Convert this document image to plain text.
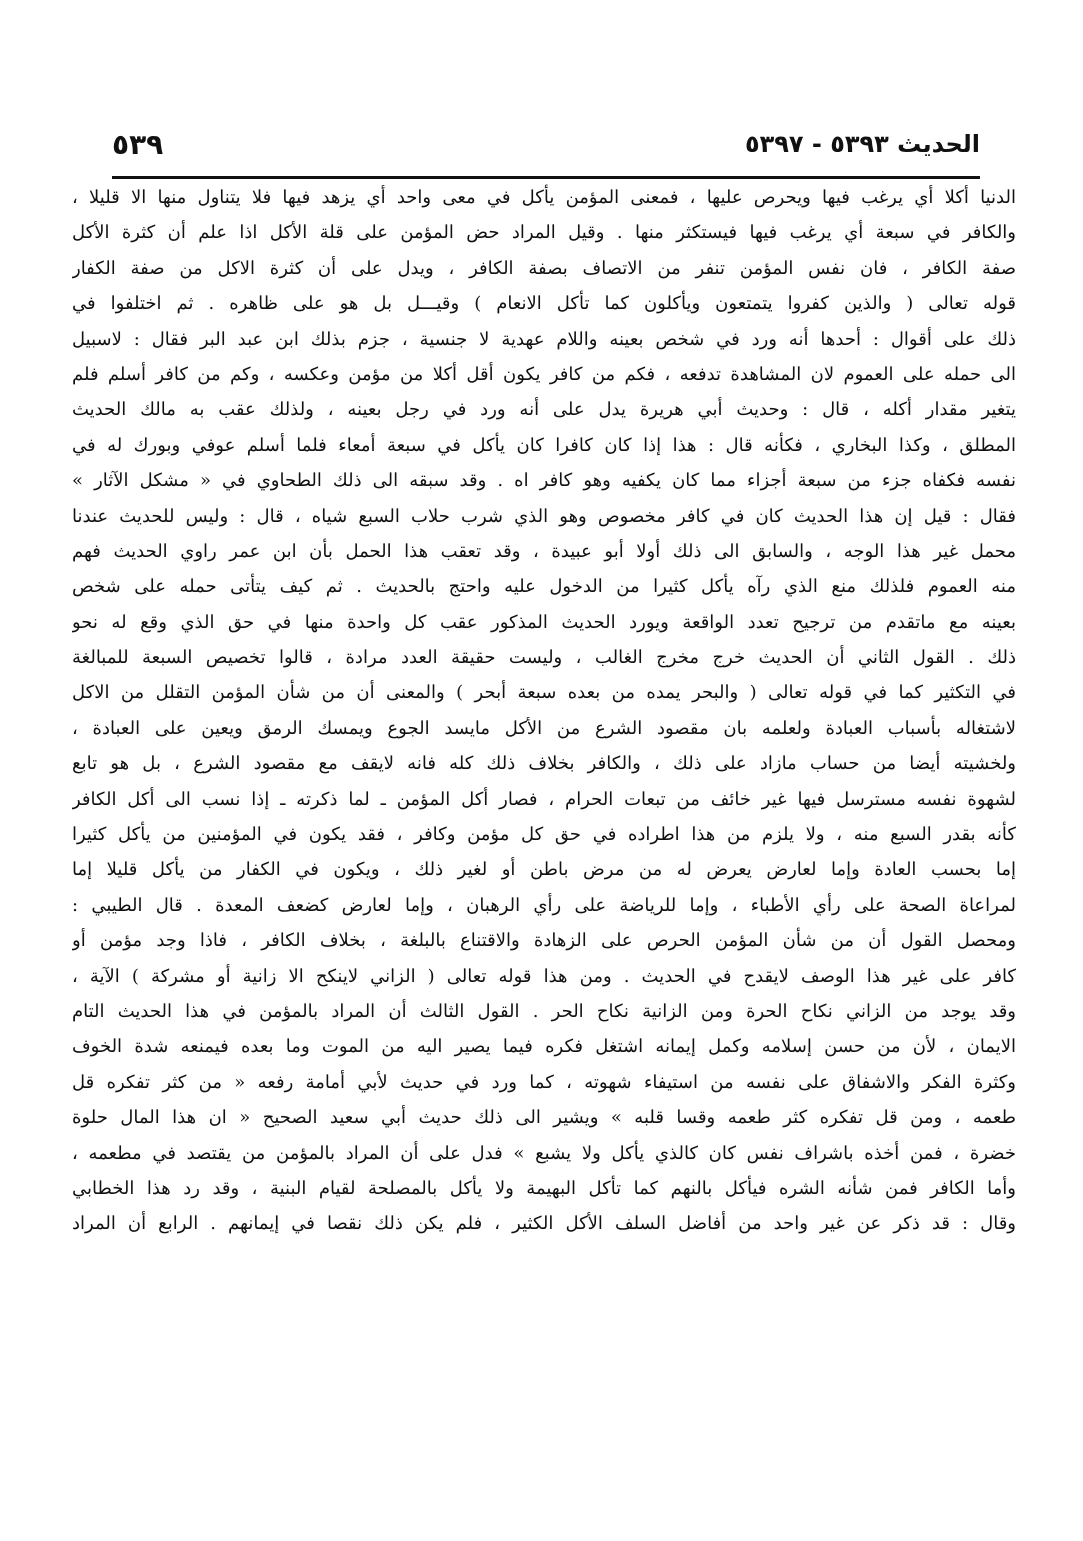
الحديث ٥٣٩٣ - ٥٣٩٧
٥٣٩
الدنيا أكلا أي يرغب فيها ويحرص عليها ، فمعنى المؤمن يأكل في معى واحد أي يزهد فيها فلا يتناول منها الا قليلا ،
والكافر في سبعة أي يرغب فيها فيستكثر منها . وقيل المراد حض المؤمن على قلة الأكل اذا علم أن كثرة الأكل
صفة الكافر ، فان نفس المؤمن تنفر من الاتصاف بصفة الكافر ، ويدل على أن كثرة الاكل من صفة الكفار
قوله تعالى ( والذين كفروا يتمتعون ويأكلون كما تأكل الانعام ) وقيـــل بل هو على ظاهره . ثم اختلفوا في
ذلك على أقوال : أحدها أنه ورد في شخص بعينه واللام عهدية لا جنسية ، جزم بذلك ابن عبد البر فقال : لاسبيل
الى حمله على العموم لان المشاهدة تدفعه ، فكم من كافر يكون أقل أكلا من مؤمن وعكسه ، وكم من كافر أسلم فلم
يتغير مقدار أكله ، قال : وحديث أبي هريرة يدل على أنه ورد في رجل بعينه ، ولذلك عقب به مالك الحديث
المطلق ، وكذا البخاري ، فكأنه قال : هذا إذا كان كافرا كان يأكل في سبعة أمعاء فلما أسلم عوفي وبورك له في
نفسه فكفاه جزء من سبعة أجزاء مما كان يكفيه وهو كافر اه . وقد سبقه الى ذلك الطحاوي في « مشكل الآثار »
فقال : قيل إن هذا الحديث كان في كافر مخصوص وهو الذي شرب حلاب السبع شياه ، قال : وليس للحديث عندنا
محمل غير هذا الوجه ، والسابق الى ذلك أولا أبو عبيدة ، وقد تعقب هذا الحمل بأن ابن عمر راوي الحديث فهم
منه العموم فلذلك منع الذي رآه يأكل كثيرا من الدخول عليه واحتج بالحديث . ثم كيف يتأتى حمله على شخص
بعينه مع ماتقدم من ترجيح تعدد الواقعة ويورد الحديث المذكور عقب كل واحدة منها في حق الذي وقع له نحو
ذلك . القول الثاني أن الحديث خرج مخرج الغالب ، وليست حقيقة العدد مرادة ، قالوا تخصيص السبعة للمبالغة
في التكثير كما في قوله تعالى ( والبحر يمده من بعده سبعة أبحر ) والمعنى أن من شأن المؤمن التقلل من الاكل
لاشتغاله بأسباب العبادة ولعلمه بان مقصود الشرع من الأكل مايسد الجوع ويمسك الرمق ويعين على العبادة ،
ولخشيته أيضا من حساب مازاد على ذلك ، والكافر بخلاف ذلك كله فانه لايقف مع مقصود الشرع ، بل هو تابع
لشهوة نفسه مسترسل فيها غير خائف من تبعات الحرام ، فصار أكل المؤمن ـ لما ذكرته ـ إذا نسب الى أكل الكافر
كأنه بقدر السبع منه ، ولا يلزم من هذا اطراده في حق كل مؤمن وكافر ، فقد يكون في المؤمنين من يأكل كثيرا
إما بحسب العادة وإما لعارض يعرض له من مرض باطن أو لغير ذلك ، ويكون في الكفار من يأكل قليلا إما
لمراعاة الصحة على رأي الأطباء ، وإما للرياضة على رأي الرهبان ، وإما لعارض كضعف المعدة . قال الطيبي :
ومحصل القول أن من شأن المؤمن الحرص على الزهادة والاقتناع بالبلغة ، بخلاف الكافر ، فاذا وجد مؤمن أو
كافر على غير هذا الوصف لايقدح في الحديث . ومن هذا قوله تعالى ( الزاني لاينكح الا زانية أو مشركة ) الآية ،
وقد يوجد من الزاني نكاح الحرة ومن الزانية نكاح الحر . القول الثالث أن المراد بالمؤمن في هذا الحديث التام
الايمان ، لأن من حسن إسلامه وكمل إيمانه اشتغل فكره فيما يصير اليه من الموت وما بعده فيمنعه شدة الخوف
وكثرة الفكر والاشفاق على نفسه من استيفاء شهوته ، كما ورد في حديث لأبي أمامة رفعه « من كثر تفكره قل
طعمه ، ومن قل تفكره كثر طعمه وقسا قلبه » ويشير الى ذلك حديث أبي سعيد الصحيح « ان هذا المال حلوة
خضرة ، فمن أخذه باشراف نفس كان كالذي يأكل ولا يشبع » فدل على أن المراد بالمؤمن من يقتصد في مطعمه ،
وأما الكافر فمن شأنه الشره فيأكل بالنهم كما تأكل البهيمة ولا يأكل بالمصلحة لقيام البنية ، وقد رد هذا الخطابي
وقال : قد ذكر عن غير واحد من أفاضل السلف الأكل الكثير ، فلم يكن ذلك نقصا في إيمانهم . الرابع أن المراد
